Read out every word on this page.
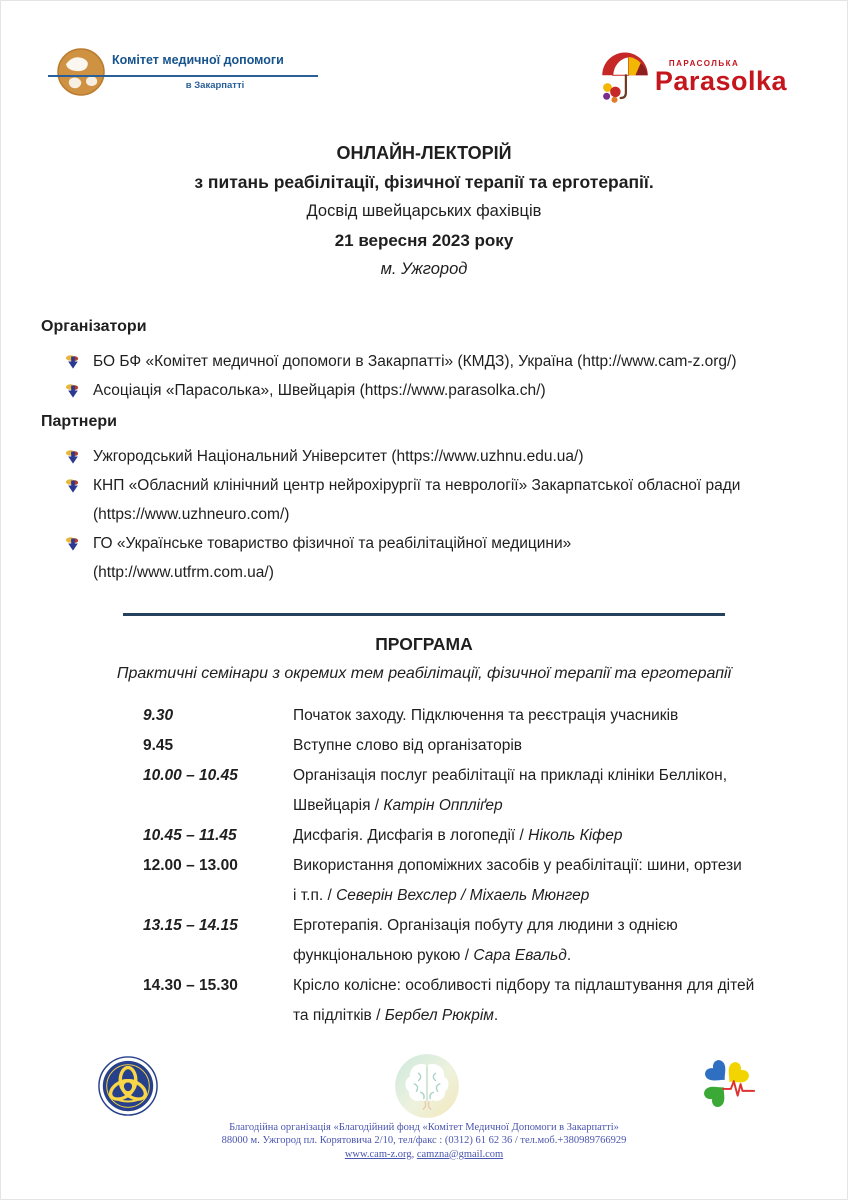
Комітет медичної допомоги
в Закарпатті
ПАРАСОЛЬКА
Parasolka
ОНЛАЙН-ЛЕКТОРІЙ
з питань реабілітації, фізичної терапії та ерготерапії.
Досвід швейцарських фахівців
21 вересня 2023 року
м. Ужгород
Організатори
БО БФ «Комітет медичної допомоги в Закарпатті» (КМДЗ), Україна (http://www.cam-z.org/)
Асоціація «Парасолька», Швейцарія (https://www.parasolka.ch/)
Партнери
Ужгородський Національний Університет (https://www.uzhnu.edu.ua/)
КНП «Обласний клінічний центр нейрохірургії та неврології» Закарпатської обласної ради
(https://www.uzhneuro.com/)
ГО «Українське товариство фізичної та реабілітаційної медицини»
(http://www.utfrm.com.ua/)
ПРОГРАМА
Практичні семінари з окремих тем реабілітації, фізичної терапії та ерготерапії
9.30	Початок заходу. Підключення та реєстрація учасників
9.45	Вступне слово від організаторів
10.00 – 10.45	Організація послуг реабілітації на прикладі клініки Беллікон,
Швейцарія / Катрін Оппліґер
10.45 – 11.45	Дисфагія. Дисфагія в логопедії / Ніколь Кіфер
12.00 – 13.00	Використання допоміжних засобів у реабілітації: шини, ортези
і т.п. / Северін Вехслер / Міхаель Мюнгер
13.15 – 14.15	Ерготерапія. Організація побуту для людини з однією
функціональною рукою / Сара Евальд.
14.30 – 15.30	Крісло колісне: особливості підбору та підлаштування для дітей
та підлітків / Бербел Рюкрім.
Благодійна організація «Благодійний фонд «Комітет Медичної Допомоги в Закарпатті»
88000 м. Ужгород пл. Корятовича 2/10, тел/факс : (0312) 61 62 36 / тел.моб.+380989766929
www.cam-z.org, camzna@gmail.com
